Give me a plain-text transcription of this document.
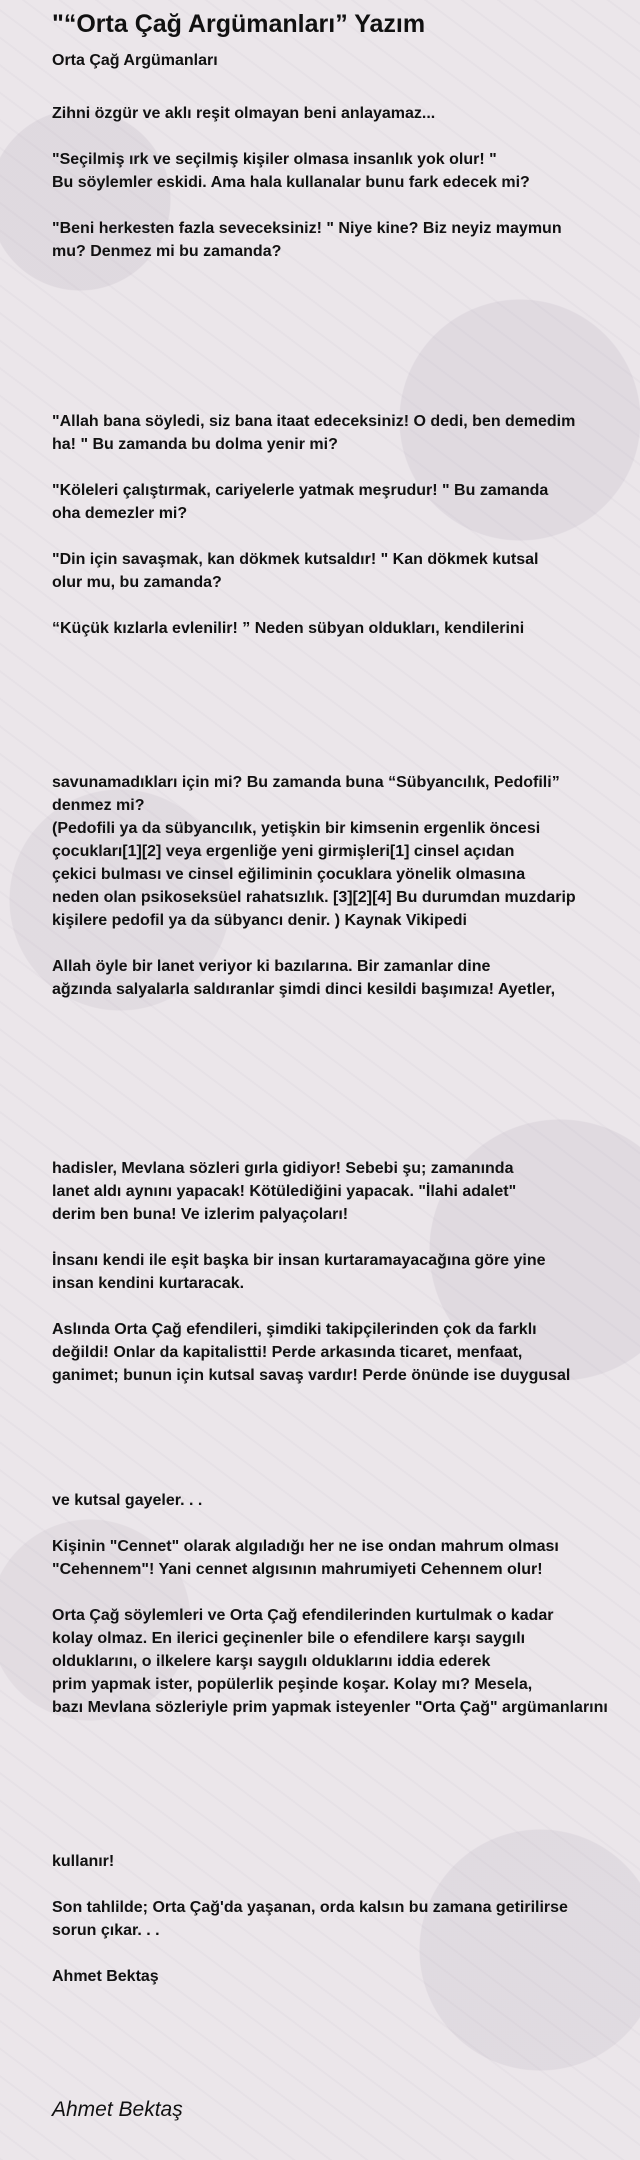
"“Orta Çağ Argümanları” Yazım
Orta Çağ Argümanları
Zihni özgür ve aklı reşit olmayan beni anlayamaz...
"Seçilmiş ırk ve seçilmiş kişiler olmasa insanlık yok olur! "
Bu söylemler eskidi. Ama hala kullanalar bunu fark edecek mi?
"Beni herkesten fazla seveceksiniz! " Niye kine? Biz neyiz maymun
mu? Denmez mi bu zamanda?
"Allah bana söyledi, siz bana itaat edeceksiniz! O dedi, ben demedim
ha! " Bu zamanda bu dolma yenir mi?
"Köleleri çalıştırmak, cariyelerle yatmak meşrudur! " Bu zamanda
oha demezler mi?
"Din için savaşmak, kan dökmek kutsaldır! " Kan dökmek kutsal
olur mu, bu zamanda?
“Küçük kızlarla evlenilir! ” Neden sübyan oldukları, kendilerini
savunamadıkları için mi? Bu zamanda buna “Sübyancılık, Pedofili”
denmez mi?
(Pedofili ya da sübyancılık, yetişkin bir kimsenin ergenlik öncesi
çocukları[1][2] veya ergenliğe yeni girmişleri[1] cinsel açıdan
çekici bulması ve cinsel eğiliminin çocuklara yönelik olmasına
neden olan psikoseksüel rahatsızlık. [3][2][4] Bu durumdan muzdarip
kişilere pedofil ya da sübyancı denir. ) Kaynak Vikipedi
Allah öyle bir lanet veriyor ki bazılarına. Bir zamanlar dine
ağzında salyalarla saldıranlar şimdi dinci kesildi başımıza! Ayetler,
hadisler, Mevlana sözleri gırla gidiyor! Sebebi şu; zamanında
lanet aldı aynını yapacak! Kötülediğini yapacak. "İlahi adalet"
derim ben buna! Ve izlerim palyaçoları!
İnsanı kendi ile eşit başka bir insan kurtaramayacağına göre yine
insan kendini kurtaracak.
Aslında Orta Çağ efendileri, şimdiki takipçilerinden çok da farklı
değildi! Onlar da kapitalistti! Perde arkasında ticaret, menfaat,
ganimet; bunun için kutsal savaş vardır! Perde önünde ise duygusal
ve kutsal gayeler. . .
Kişinin "Cennet" olarak algıladığı her ne ise ondan mahrum olması
"Cehennem"! Yani cennet algısının mahrumiyeti Cehennem olur!
Orta Çağ söylemleri ve Orta Çağ efendilerinden kurtulmak o kadar
kolay olmaz. En ilerici geçinenler bile o efendilere karşı saygılı
olduklarını, o ilkelere karşı saygılı olduklarını iddia ederek
prim yapmak ister, popülerlik peşinde koşar. Kolay mı? Mesela,
bazı Mevlana sözleriyle prim yapmak isteyenler "Orta Çağ" argümanlarını
kullanır!
Son tahlilde; Orta Çağ'da yaşanan, orda kalsın bu zamana getirilirse
sorun çıkar. . .
Ahmet Bektaş
Ahmet Bektaş
